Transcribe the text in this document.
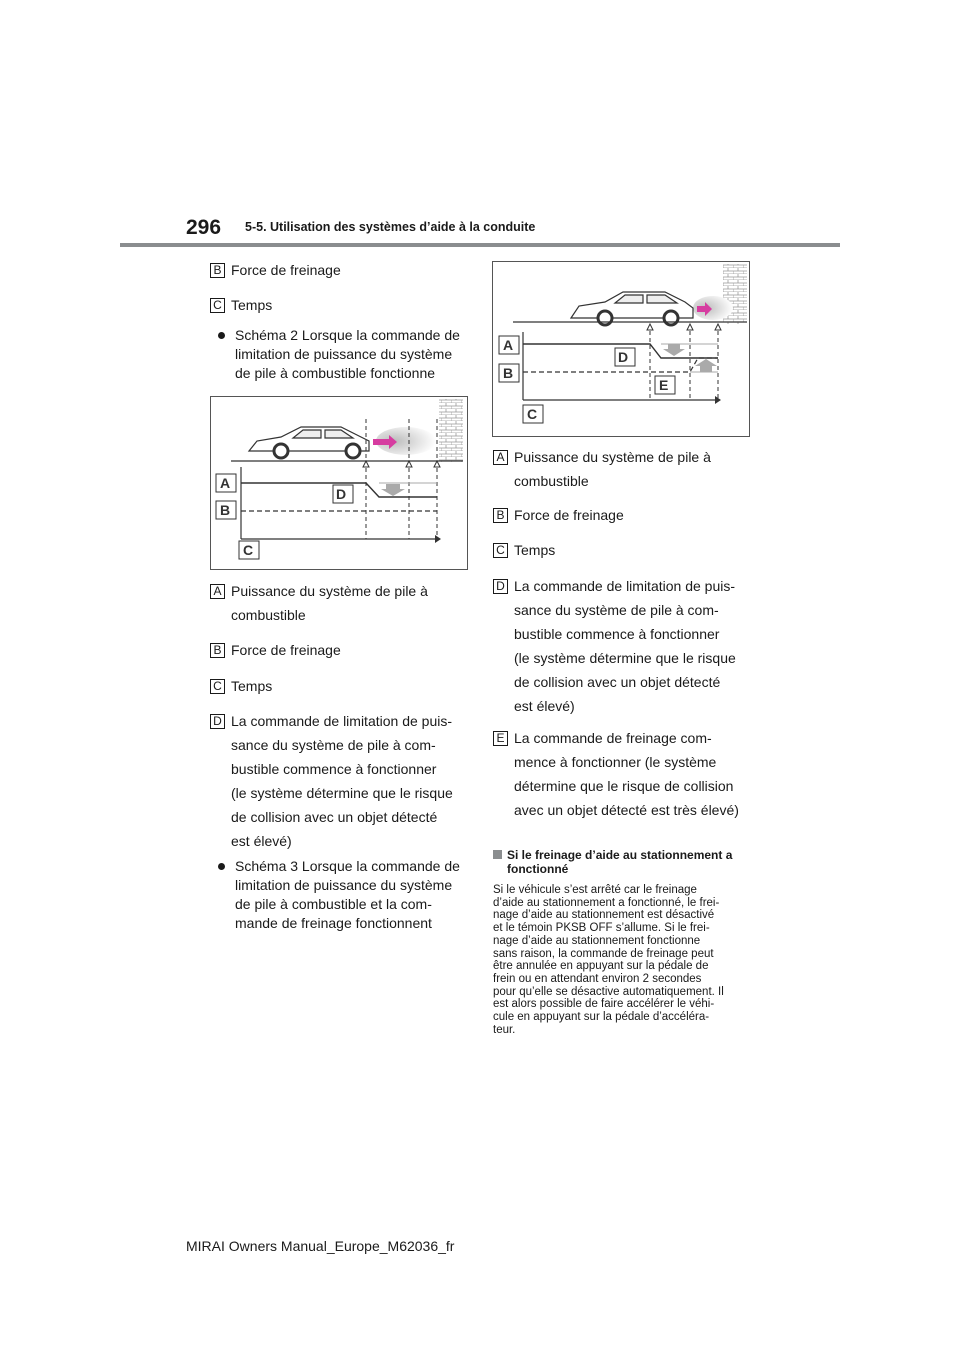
296 5-5. Utilisation des systèmes d’aide à la conduite
B Force de freinage
C Temps
Schéma 2 Lorsque la commande de
limitation de puissance du système
de pile à combustible fonctionne
A
B
C
D
A Puissance du système de pile à
combustible
B Force de freinage
C Temps
D La commande de limitation de puis-
sance du système de pile à com-
bustible commence à fonctionner
(le système détermine que le risque
de collision avec un objet détecté
est élevé)
Schéma 3 Lorsque la commande de
limitation de puissance du système
de pile à combustible et la com-
mande de freinage fonctionnent
A
B
C
D
E
A Puissance du système de pile à
combustible
B Force de freinage
C Temps
D La commande de limitation de puis-
sance du système de pile à com-
bustible commence à fonctionner
(le système détermine que le risque
de collision avec un objet détecté
est élevé)
E La commande de freinage com-
mence à fonctionner (le système
détermine que le risque de collision
avec un objet détecté est très élevé)
Si le freinage d’aide au stationnement a
fonctionné
Si le véhicule s’est arrêté car le freinage
d’aide au stationnement a fonctionné, le frei-
nage d’aide au stationnement est désactivé
et le témoin PKSB OFF s’allume. Si le frei-
nage d’aide au stationnement fonctionne
sans raison, la commande de freinage peut
être annulée en appuyant sur la pédale de
frein ou en attendant environ 2 secondes
pour qu’elle se désactive automatiquement. Il
est alors possible de faire accélérer le véhi-
cule en appuyant sur la pédale d’accéléra-
teur.
MIRAI Owners Manual_Europe_M62036_fr
